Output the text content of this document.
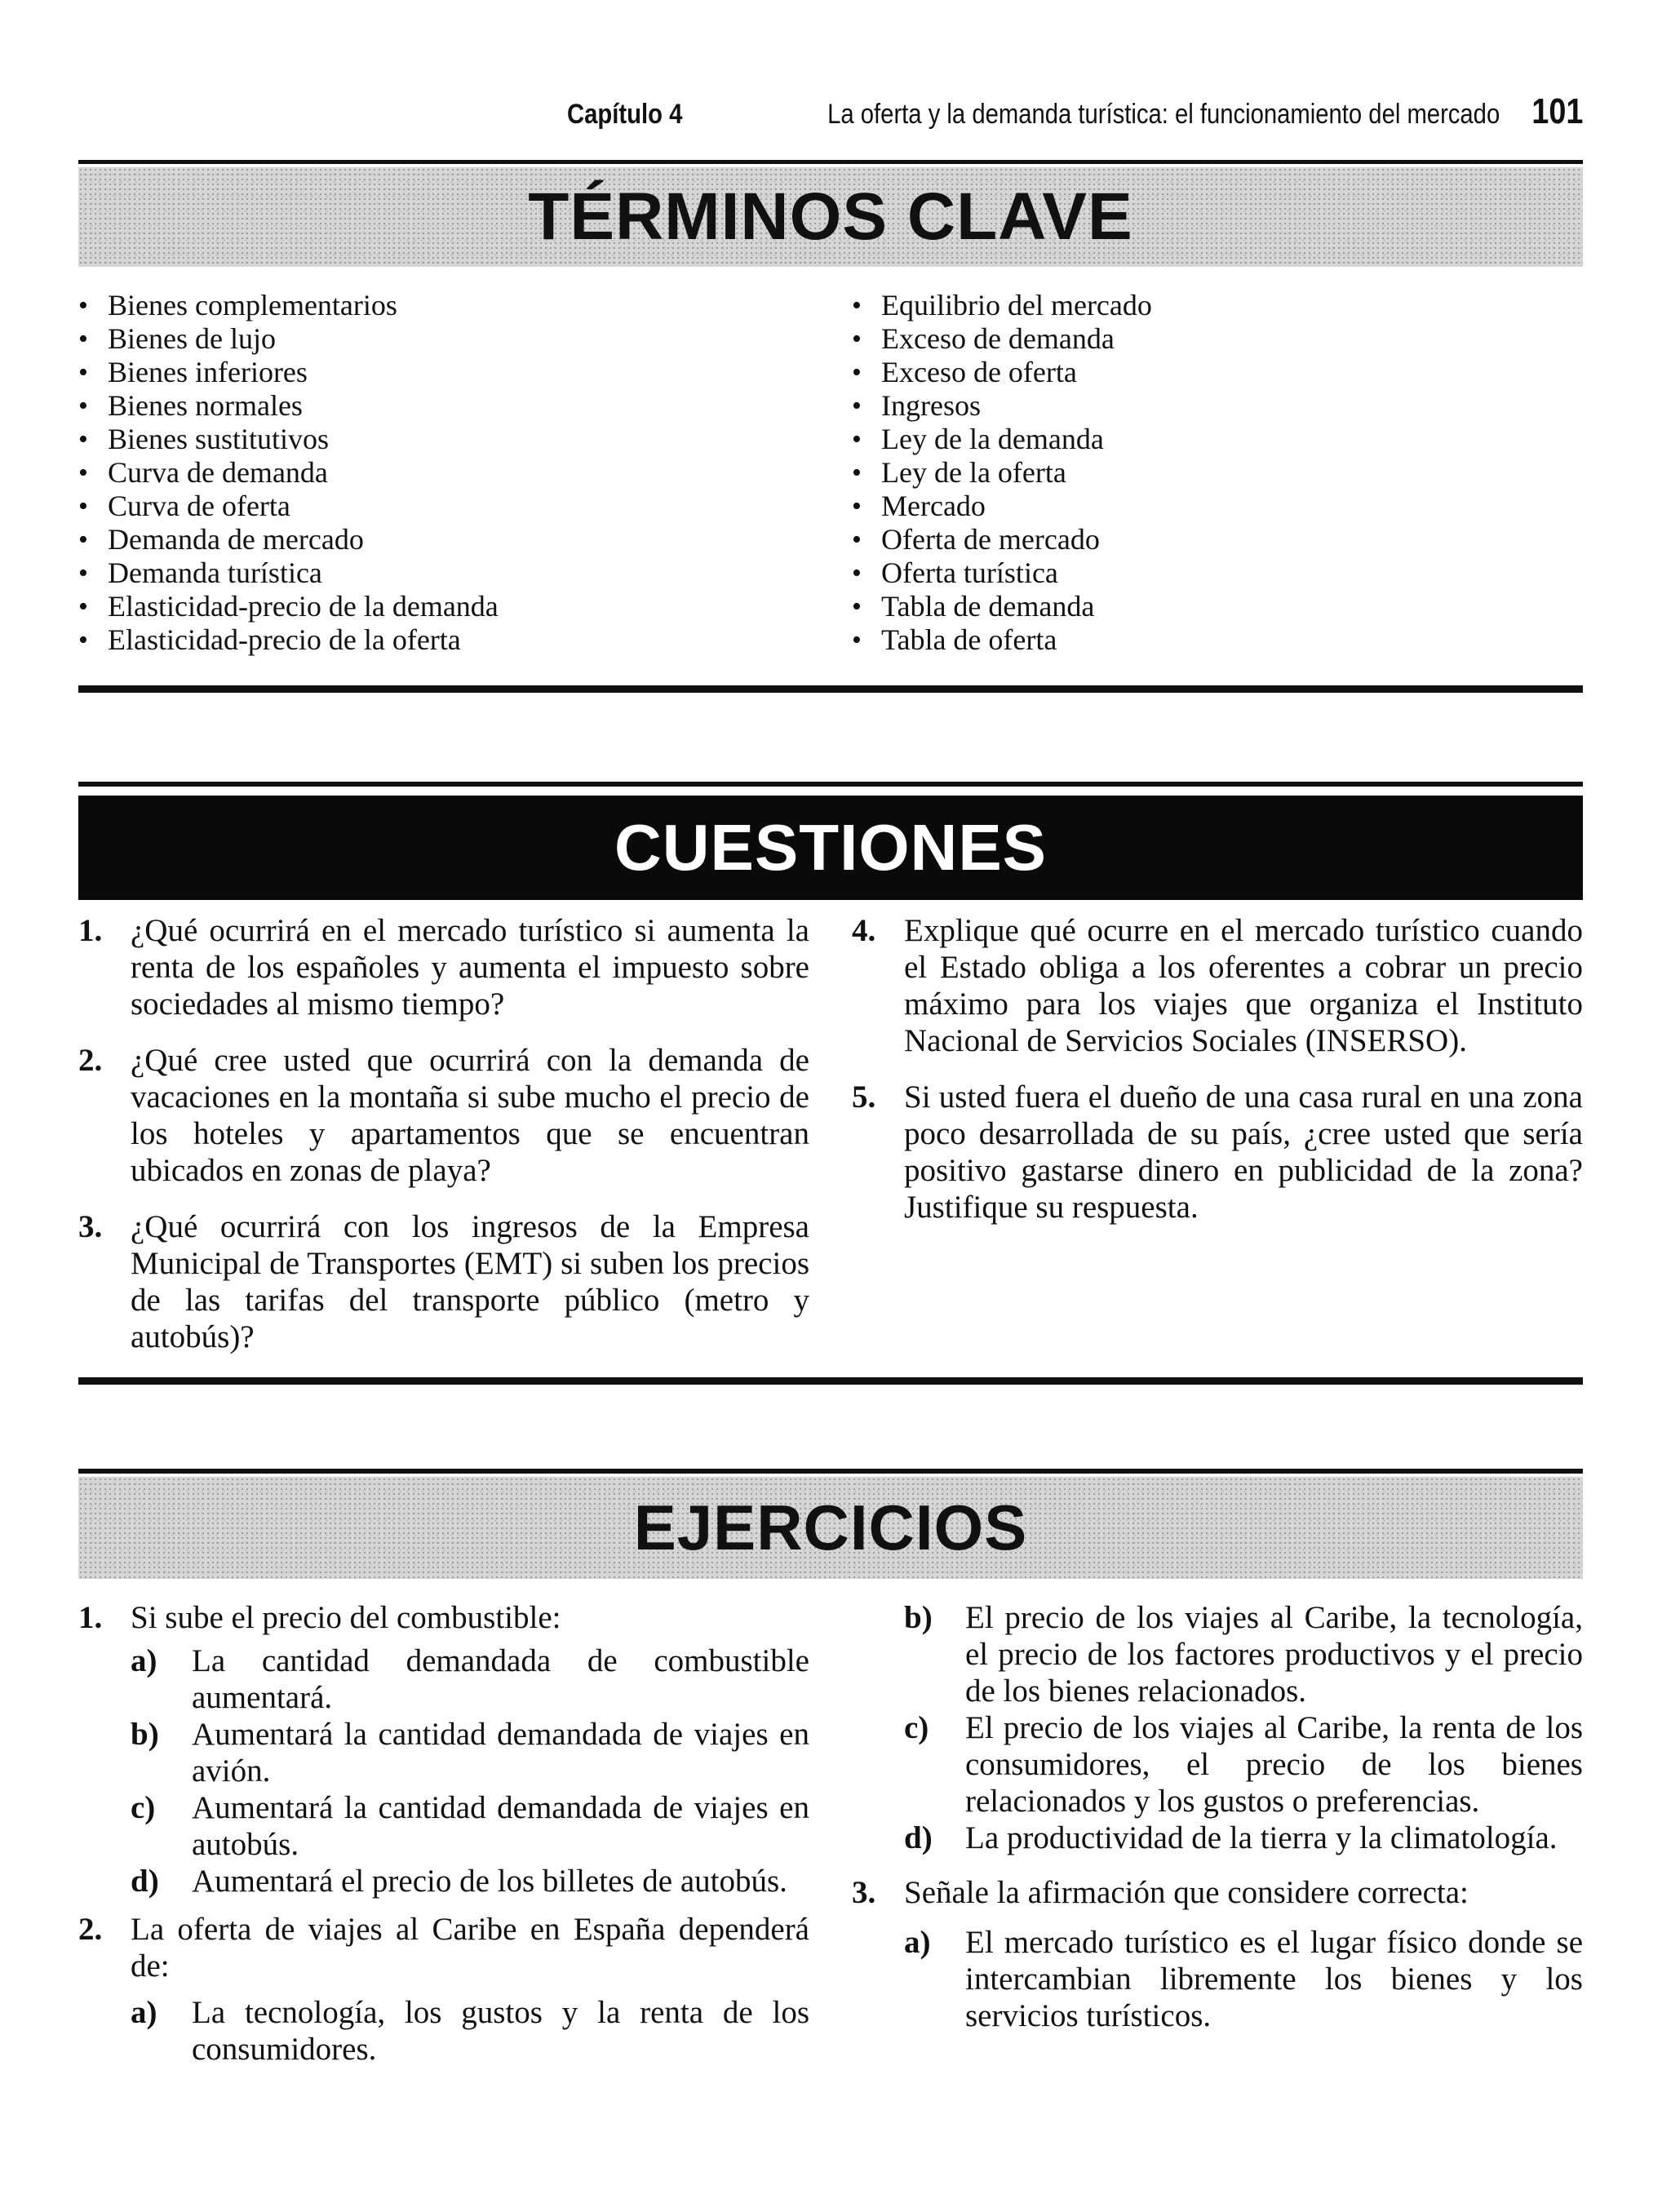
Capítulo 4	La oferta y la demanda turística: el funcionamiento del mercado 101
TÉRMINOS CLAVE
• Bienes complementarios
• Bienes de lujo
• Bienes inferiores
• Bienes normales
• Bienes sustitutivos
• Curva de demanda
• Curva de oferta
• Demanda de mercado
• Demanda turística
• Elasticidad-precio de la demanda
• Elasticidad-precio de la oferta
• Equilibrio del mercado
• Exceso de demanda
• Exceso de oferta
• Ingresos
• Ley de la demanda
• Ley de la oferta
• Mercado
• Oferta de mercado
• Oferta turística
• Tabla de demanda
• Tabla de oferta
CUESTIONES
1. ¿Qué ocurrirá en el mercado turístico si aumenta la renta de los españoles y aumenta el impuesto sobre sociedades al mismo tiempo?
2. ¿Qué cree usted que ocurrirá con la demanda de vacaciones en la montaña si sube mucho el precio de los hoteles y apartamentos que se encuentran ubicados en zonas de playa?
3. ¿Qué ocurrirá con los ingresos de la Empresa Municipal de Transportes (EMT) si suben los precios de las tarifas del transporte público (metro y autobús)?
4. Explique qué ocurre en el mercado turístico cuando el Estado obliga a los oferentes a cobrar un precio máximo para los viajes que organiza el Instituto Nacional de Servicios Sociales (INSERSO).
5. Si usted fuera el dueño de una casa rural en una zona poco desarrollada de su país, ¿cree usted que sería positivo gastarse dinero en publicidad de la zona? Justifique su respuesta.
EJERCICIOS
1. Si sube el precio del combustible:
a) La cantidad demandada de combustible aumentará.
b) Aumentará la cantidad demandada de viajes en avión.
c) Aumentará la cantidad demandada de viajes en autobús.
d) Aumentará el precio de los billetes de autobús.
2. La oferta de viajes al Caribe en España dependerá de:
a) La tecnología, los gustos y la renta de los consumidores.
b) El precio de los viajes al Caribe, la tecnología, el precio de los factores productivos y el precio de los bienes relacionados.
c) El precio de los viajes al Caribe, la renta de los consumidores, el precio de los bienes relacionados y los gustos o preferencias.
d) La productividad de la tierra y la climatología.
3. Señale la afirmación que considere correcta:
a) El mercado turístico es el lugar físico donde se intercambian libremente los bienes y los servicios turísticos.
